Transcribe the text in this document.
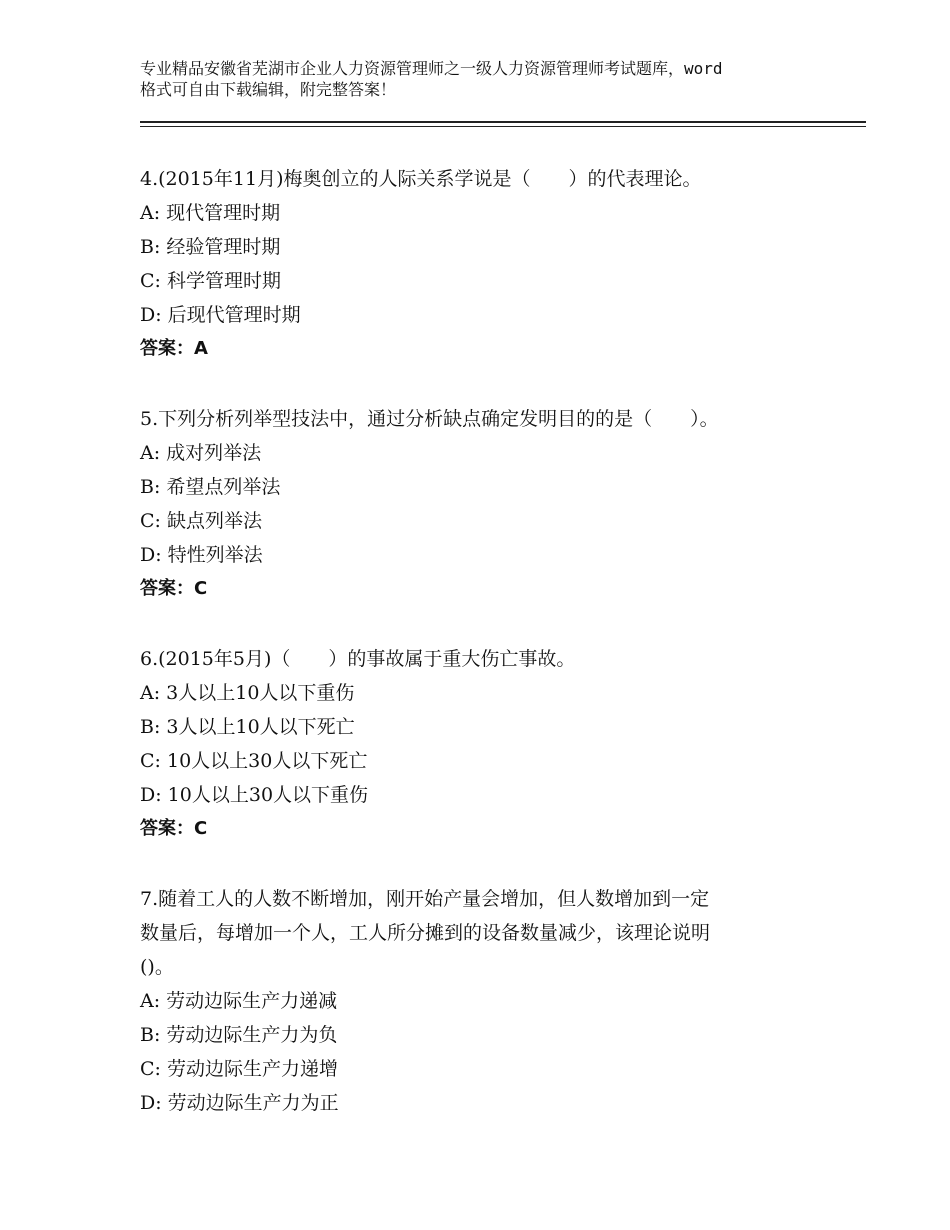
专业精品安徽省芜湖市企业人力资源管理师之一级人力资源管理师考试题库，word
格式可自由下载编辑，附完整答案！

4.(2015年11月)梅奥创立的人际关系学说是（　　）的代表理论。

A: 现代管理时期

B: 经验管理时期

C: 科学管理时期

D: 后现代管理时期

答案：A

5.下列分析列举型技法中，通过分析缺点确定发明目的的是（　　）。

A: 成对列举法

B: 希望点列举法

C: 缺点列举法

D: 特性列举法

答案：C

6.(2015年5月)（　　）的事故属于重大伤亡事故。

A: 3人以上10人以下重伤

B: 3人以上10人以下死亡

C: 10人以上30人以下死亡

D: 10人以上30人以下重伤

答案：C

7.随着工人的人数不断增加，刚开始产量会增加，但人数增加到一定
数量后，每增加一个人，工人所分摊到的设备数量减少，该理论说明
()。

A: 劳动边际生产力递减

B: 劳动边际生产力为负

C: 劳动边际生产力递增

D: 劳动边际生产力为正
